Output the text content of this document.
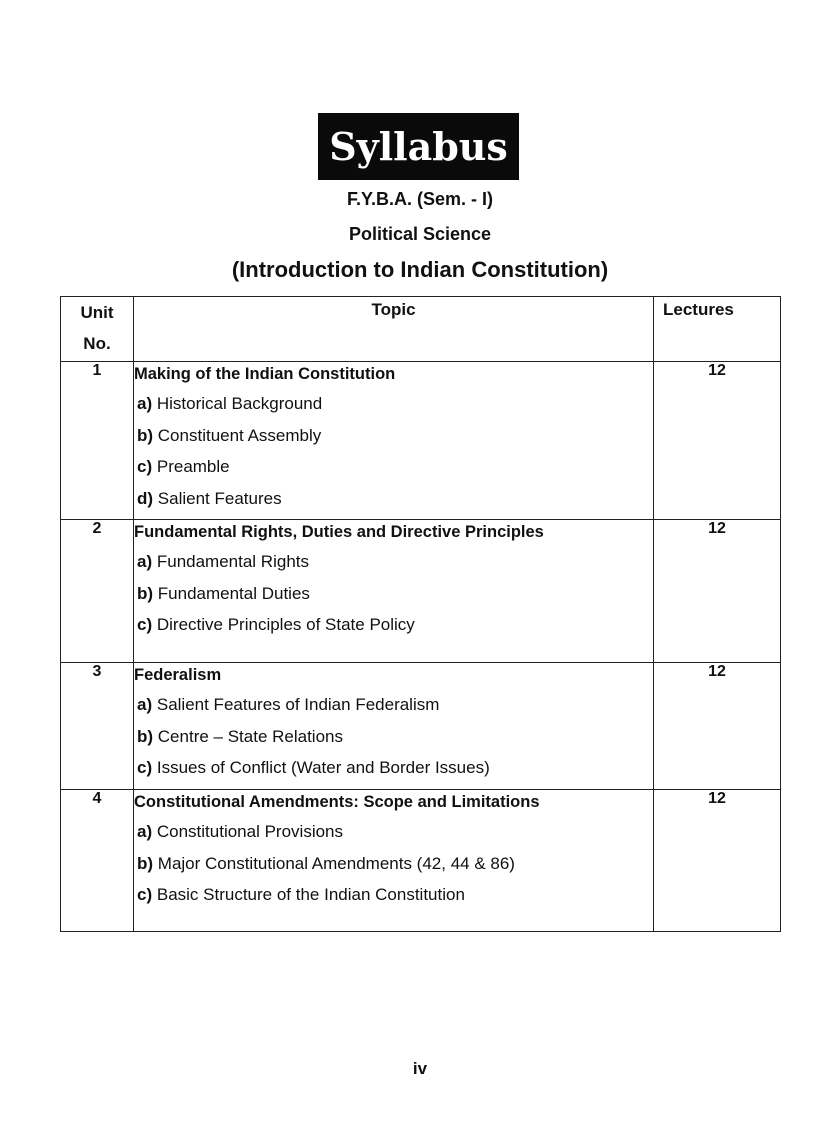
Syllabus
F.Y.B.A. (Sem. - I)
Political Science
(Introduction to Indian Constitution)
Unit
No.	Topic	Lectures

1	Making of the Indian Constitution
a) Historical Background
b) Constituent Assembly
c) Preamble
d) Salient Features	12

2	Fundamental Rights, Duties and Directive Principles
a) Fundamental Rights
b) Fundamental Duties
c) Directive Principles of State Policy	12

3	Federalism
a) Salient Features of Indian Federalism
b) Centre – State Relations
c) Issues of Conflict (Water and Border Issues)	12

4	Constitutional Amendments: Scope and Limitations
a) Constitutional Provisions
b) Major Constitutional Amendments (42, 44 & 86)
c) Basic Structure of the Indian Constitution	12
iv
